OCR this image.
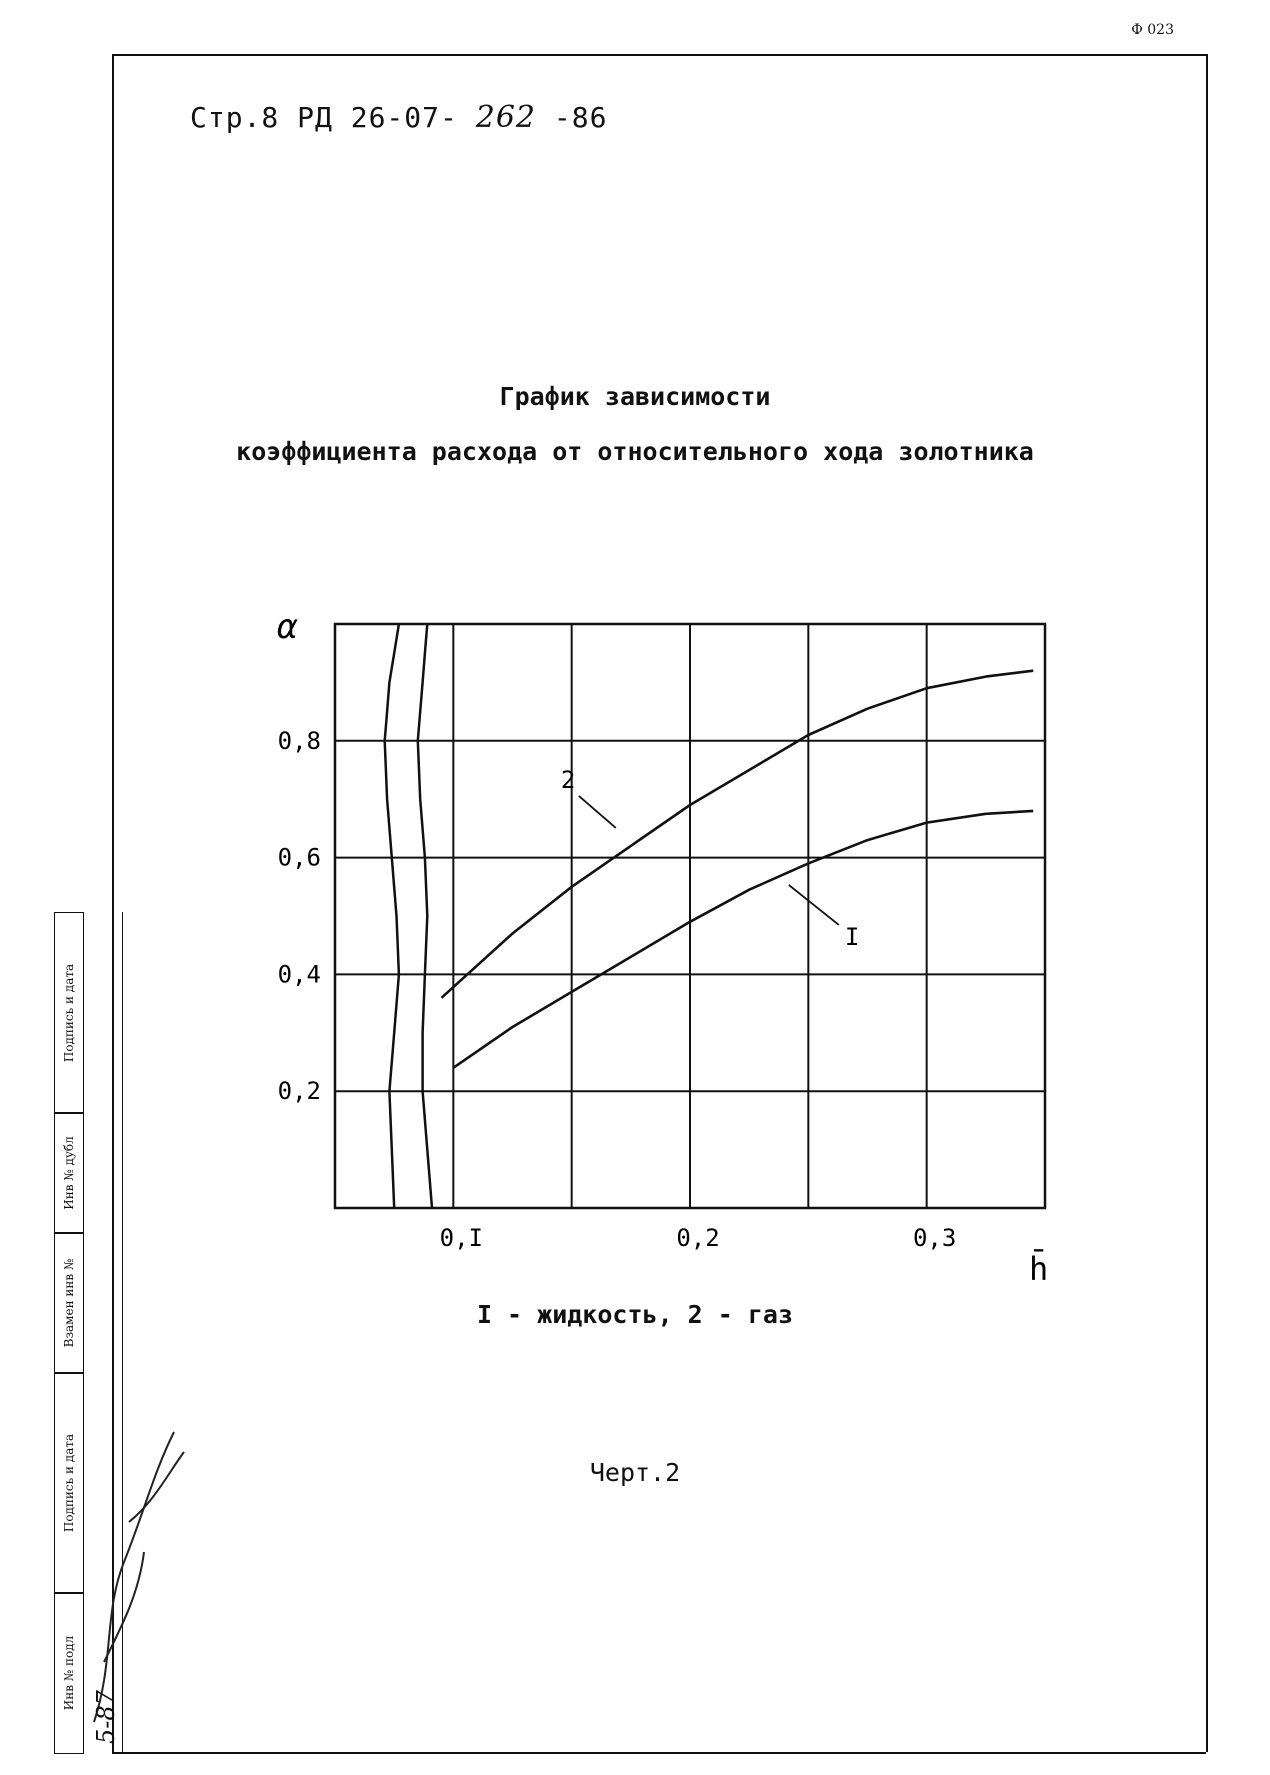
Ф 023
Стр.8 РД 26-07- 262 -86
График зависимости
коэффициента расхода от относительного хода золотника
0,I	0,2	0,3
0,2
0,4
0,6
0,8
α
h̄
2
I
I - жидкость, 2 - газ
Черт.2
Подпись и дата
Инв № дубл
Взамен инв №
Подпись и дата
Инв № подл
5-87
